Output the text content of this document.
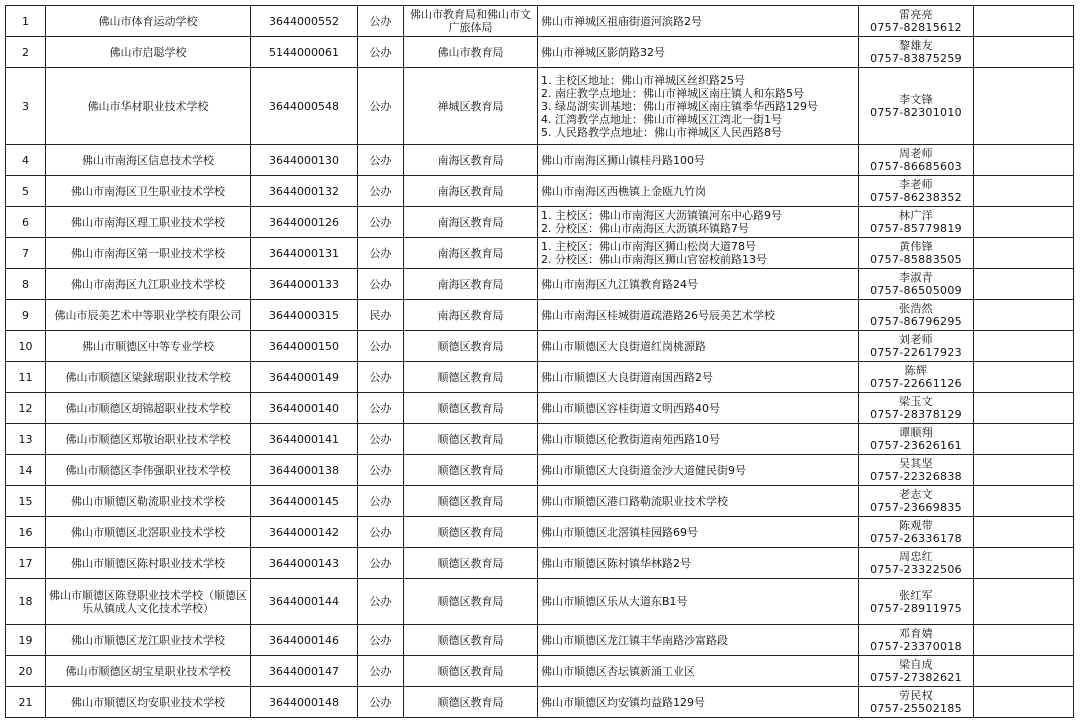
1	佛山市体育运动学校	3644000552	公办	佛山市教育局和佛山市文广旅体局	佛山市禅城区祖庙街道河滨路2号	雷亮亮
0757-82815612	

2	佛山市启聪学校	5144000061	公办	佛山市教育局	佛山市禅城区影荫路32号	黎雄友
0757-83875259	

3	佛山市华材职业技术学校	3644000548	公办	禅城区教育局	1. 主校区地址：佛山市禅城区丝织路25号
2. 南庄教学点地址：佛山市禅城区南庄镇人和东路5号
3. 绿岛湖实训基地：佛山市禅城区南庄镇季华西路129号
4. 江湾教学点地址：佛山市禅城区江湾北一街1号
5. 人民路教学点地址：佛山市禅城区人民西路8号	李文锋
0757-82301010	

4	佛山市南海区信息技术学校	3644000130	公办	南海区教育局	佛山市南海区狮山镇桂丹路100号	周老师
0757-86685603	

5	佛山市南海区卫生职业技术学校	3644000132	公办	南海区教育局	佛山市南海区西樵镇上金瓯九竹岗	李老师
0757-86238352	

6	佛山市南海区理工职业技术学校	3644000126	公办	南海区教育局	1. 主校区：佛山市南海区大沥镇镇河东中心路9号
2. 分校区：佛山市南海区大沥镇环镇路7号	林广洋
0757-85779819	

7	佛山市南海区第一职业技术学校	3644000131	公办	南海区教育局	1. 主校区：佛山市南海区狮山松岗大道78号
2. 分校区：佛山市南海区狮山官窑校前路13号	黄伟锋
0757-85883505	

8	佛山市南海区九江职业技术学校	3644000133	公办	南海区教育局	佛山市南海区九江镇教育路24号	李淑青
0757-86505009	

9	佛山市辰美艺术中等职业学校有限公司	3644000315	民办	南海区教育局	佛山市南海区桂城街道疏港路26号辰美艺术学校	张浩然
0757-86796295	

10	佛山市顺德区中等专业学校	3644000150	公办	顺德区教育局	佛山市顺德区大良街道红岗桃源路	刘老师
0757-22617923	

11	佛山市顺德区梁銶琚职业技术学校	3644000149	公办	顺德区教育局	佛山市顺德区大良街道南国西路2号	陈辉
0757-22661126	

12	佛山市顺德区胡锦超职业技术学校	3644000140	公办	顺德区教育局	佛山市顺德区容桂街道文明西路40号	梁玉文
0757-28378129	

13	佛山市顺德区郑敬诒职业技术学校	3644000141	公办	顺德区教育局	佛山市顺德区伦教街道南苑西路10号	谭顺翔
0757-23626161	

14	佛山市顺德区李伟强职业技术学校	3644000138	公办	顺德区教育局	佛山市顺德区大良街道金沙大道健民街9号	吴其坚
0757-22326838	

15	佛山市顺德区勒流职业技术学校	3644000145	公办	顺德区教育局	佛山市顺德区港口路勒流职业技术学校	老志文
0757-23669835	

16	佛山市顺德区北滘职业技术学校	3644000142	公办	顺德区教育局	佛山市顺德区北滘镇桂园路69号	陈观带
0757-26336178	

17	佛山市顺德区陈村职业技术学校	3644000143	公办	顺德区教育局	佛山市顺德区陈村镇华林路2号	周忠红
0757-23322506	

18	佛山市顺德区陈登职业技术学校（顺德区乐从镇成人文化技术学校）	3644000144	公办	顺德区教育局	佛山市顺德区乐从大道东B1号	张红军
0757-28911975	

19	佛山市顺德区龙江职业技术学校	3644000146	公办	顺德区教育局	佛山市顺德区龙江镇丰华南路沙富路段	邓育婧
0757-23370018	

20	佛山市顺德区胡宝星职业技术学校	3644000147	公办	顺德区教育局	佛山市顺德区杏坛镇新涌工业区	梁自成
0757-27382621	

21	佛山市顺德区均安职业技术学校	3644000148	公办	顺德区教育局	佛山市顺德区均安镇均益路129号	劳民权
0757-25502185	
